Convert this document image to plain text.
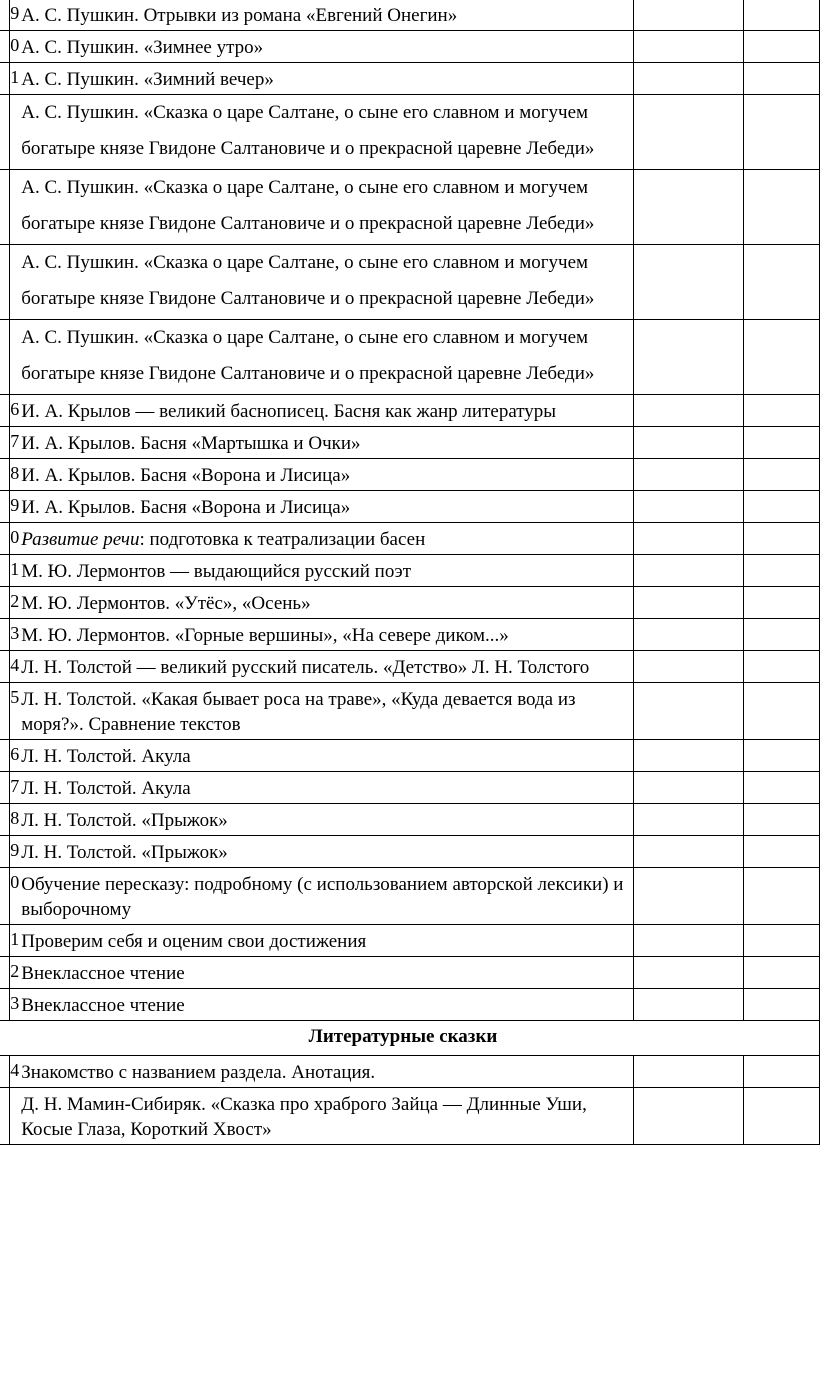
9	А. С. Пушкин. Отрывки из романа «Евгений Онегин»		
0	А. С. Пушкин. «Зимнее утро»		
1	А. С. Пушкин. «Зимний вечер»		
	А. С. Пушкин. «Сказка о царе Салтане, о сыне его славном и могучем богатыре князе Гвидоне Салтановиче и о прекрасной царевне Лебеди»		
	А. С. Пушкин. «Сказка о царе Салтане, о сыне его славном и могучем богатыре князе Гвидоне Салтановиче и о прекрасной царевне Лебеди»		
	А. С. Пушкин. «Сказка о царе Салтане, о сыне его славном и могучем богатыре князе Гвидоне Салтановиче и о прекрасной царевне Лебеди»		
	А. С. Пушкин. «Сказка о царе Салтане, о сыне его славном и могучем богатыре князе Гвидоне Салтановиче и о прекрасной царевне Лебеди»		
6	И. А. Крылов — великий баснописец. Басня как жанр литературы		
7	И. А. Крылов. Басня «Мартышка и Очки»		
8	И. А. Крылов. Басня «Ворона и Лисица»		
9	И. А. Крылов. Басня «Ворона и Лисица»		
0	Развитие речи: подготовка к театрализации басен		
1	М. Ю. Лермонтов — выдающийся русский поэт		
2	М. Ю. Лермонтов. «Утёс», «Осень»		
3	М. Ю. Лермонтов. «Горные вершины», «На севере диком...»		
4	Л. Н. Толстой — великий русский писатель. «Детство» Л. Н. Толстого		
5	Л. Н. Толстой. «Какая бывает роса на траве», «Куда девается вода из моря?». Сравнение текстов		
6	Л. Н. Толстой. Акула		
7	Л. Н. Толстой. Акула		
8	Л. Н. Толстой. «Прыжок»		
9	Л. Н. Толстой. «Прыжок»		
0	Обучение пересказу: подробному (с использованием авторской лексики) и выборочному		
1	Проверим себя и оценим свои достижения		
2	Внеклассное чтение		
3	Внеклассное чтение		
Литературные сказки			
4	Знакомство с названием раздела. Анотация.		
	Д. Н. Мамин-Сибиряк. «Сказка про храброго Зайца — Длинные Уши, Косые Глаза, Короткий Хвост»		
